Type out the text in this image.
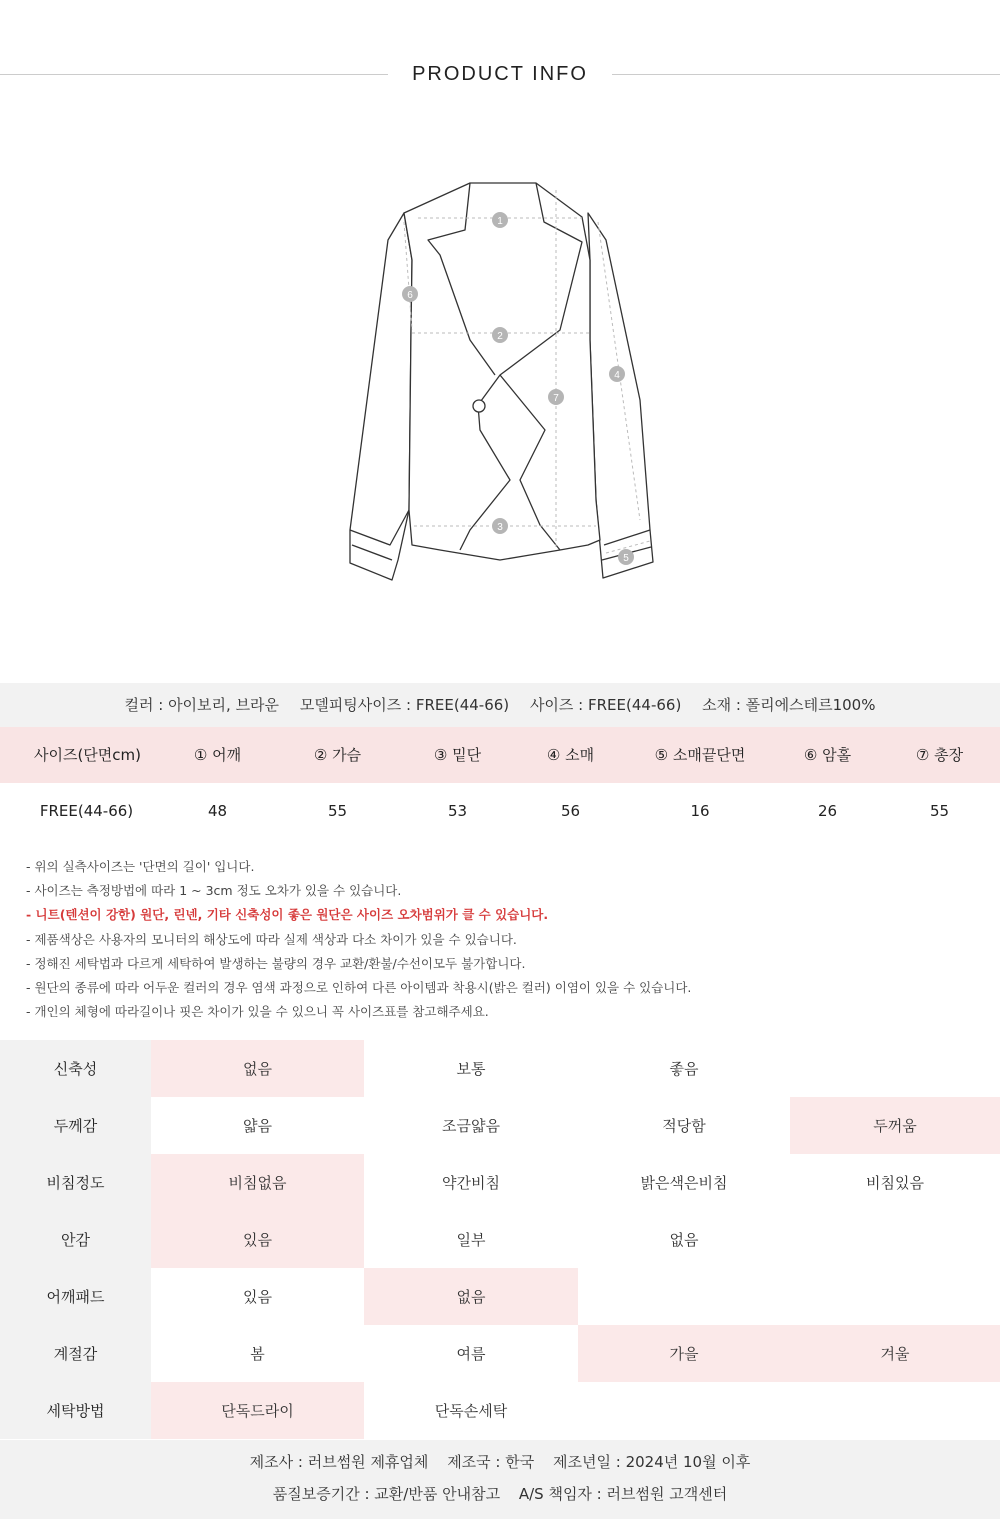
PRODUCT INFO
1
2
3
4
5
6
7
컬러 : 아이보리, 브라운 모델피팅사이즈 : FREE(44-66) 사이즈 : FREE(44-66) 소재 : 폴리에스테르100%
사이즈(단면cm)	① 어깨	② 가슴	③ 밑단	④ 소매	⑤ 소매끝단면	⑥ 암홀	⑦ 총장
FREE(44-66)	48	55	53	56	16	26	55
- 위의 실측사이즈는 '단면의 길이' 입니다.
- 사이즈는 측정방법에 따라 1 ~ 3cm 정도 오차가 있을 수 있습니다.
- 니트(텐션이 강한) 원단, 린넨, 기타 신축성이 좋은 원단은 사이즈 오차범위가 클 수 있습니다.
- 제품색상은 사용자의 모니터의 해상도에 따라 실제 색상과 다소 차이가 있을 수 있습니다.
- 정해진 세탁법과 다르게 세탁하여 발생하는 불량의 경우 교환/환불/수선이모두 불가합니다.
- 원단의 종류에 따라 어두운 컬러의 경우 염색 과정으로 인하여 다른 아이템과 착용시(밝은 컬러) 이염이 있을 수 있습니다.
- 개인의 체형에 따라길이나 핏은 차이가 있을 수 있으니 꼭 사이즈표를 참고해주세요.
신축성	없음	보통	좋음
두께감	얇음	조금얇음	적당함	두꺼움
비침정도	비침없음	약간비침	밝은색은비침	비침있음
안감	있음	일부	없음
어깨패드	있음	없음
계절감	봄	여름	가을	겨울
세탁방법	단독드라이	단독손세탁
제조사 : 러브썸원 제휴업체 제조국 : 한국 제조년일 : 2024년 10월 이후
품질보증기간 : 교환/반품 안내참고 A/S 책임자 : 러브썸원 고객센터
